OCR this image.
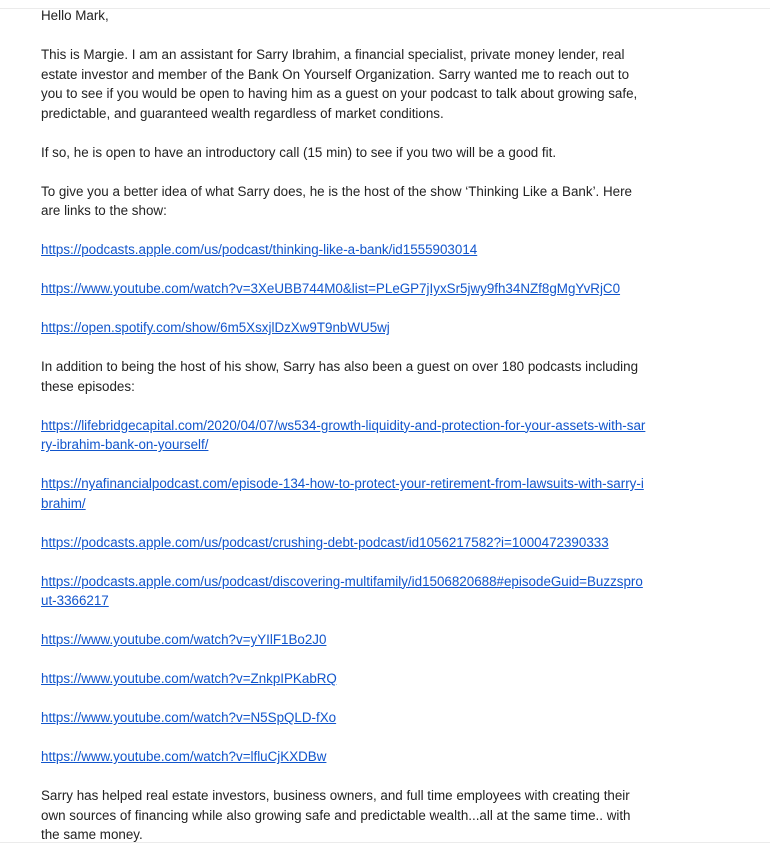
Hello Mark,

This is Margie. I am an assistant for Sarry Ibrahim, a financial specialist, private money lender, real estate investor and member of the Bank On Yourself Organization. Sarry wanted me to reach out to you to see if you would be open to having him as a guest on your podcast to talk about growing safe, predictable, and guaranteed wealth regardless of market conditions.

If so, he is open to have an introductory call (15 min) to see if you two will be a good fit.

To give you a better idea of what Sarry does, he is the host of the show ‘Thinking Like a Bank’. Here are links to the show:

https://podcasts.apple.com/us/podcast/thinking-like-a-bank/id1555903014

https://www.youtube.com/watch?v=3XeUBB744M0&list=PLeGP7jIyxSr5jwy9fh34NZf8gMgYvRjC0

https://open.spotify.com/show/6m5XsxjlDzXw9T9nbWU5wj

In addition to being the host of his show, Sarry has also been a guest on over 180 podcasts including these episodes:

https://lifebridgecapital.com/2020/04/07/ws534-growth-liquidity-and-protection-for-your-assets-with-sarry-ibrahim-bank-on-yourself/

https://nyafinancialpodcast.com/episode-134-how-to-protect-your-retirement-from-lawsuits-with-sarry-ibrahim/

https://podcasts.apple.com/us/podcast/crushing-debt-podcast/id1056217582?i=1000472390333

https://podcasts.apple.com/us/podcast/discovering-multifamily/id1506820688#episodeGuid=Buzzsprout-3366217

https://www.youtube.com/watch?v=yYIlF1Bo2J0

https://www.youtube.com/watch?v=ZnkpIPKabRQ

https://www.youtube.com/watch?v=N5SpQLD-fXo

https://www.youtube.com/watch?v=lfluCjKXDBw

Sarry has helped real estate investors, business owners, and full time employees with creating their own sources of financing while also growing safe and predictable wealth...all at the same time.. with the same money.
